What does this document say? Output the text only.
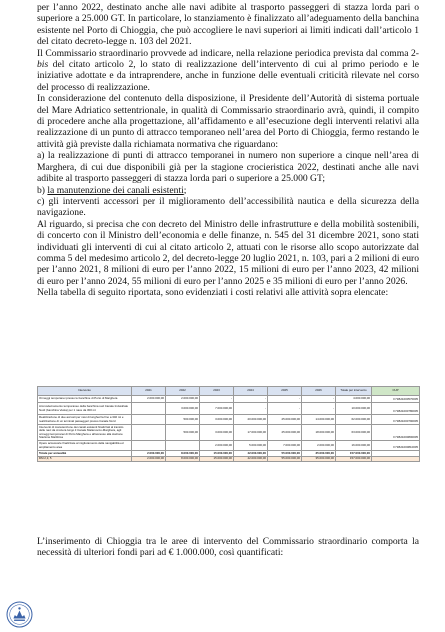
per l’anno 2022, destinato anche alle navi adibite al trasporto passeggeri di stazza lorda pari o superiore a 25.000 GT. In particolare, lo stanziamento è finalizzato all’adeguamento della banchina esistente nel Porto di Chioggia, che può accogliere le navi superiori ai limiti indicati dall’articolo 1 del citato decreto-legge n. 103 del 2021.

Il Commissario straordinario provvede ad indicare, nella relazione periodica prevista dal comma 2-bis del citato articolo 2, lo stato di realizzazione dell’intervento di cui al primo periodo e le iniziative adottate e da intraprendere, anche in funzione delle eventuali criticità rilevate nel corso del processo di realizzazione.

In considerazione del contenuto della disposizione, il Presidente dell’Autorità di sistema portuale del Mare Adriatico settentrionale, in qualità di Commissario straordinario avrà, quindi, il compito di procedere anche alla progettazione, all’affidamento e all’esecuzione degli interventi relativi alla realizzazione di un punto di attracco temporaneo nell’area del Porto di Chioggia, fermo restando le attività già previste dalla richiamata normativa che riguardano:

a) la realizzazione di punti di attracco temporanei in numero non superiore a cinque nell’area di Marghera, di cui due disponibili già per la stagione crocieristica 2022, destinati anche alle navi adibite al trasporto passeggeri di stazza lorda pari o superiore a 25.000 GT;

b) la manutenzione dei canali esistenti;

c) gli interventi accessori per il miglioramento dell’accessibilità nautica e della sicurezza della navigazione.

Al riguardo, si precisa che con decreto del Ministro delle infrastrutture e della mobilità sostenibili, di concerto con il Ministro dell’economia e delle finanze, n. 545 del 31 dicembre 2021, sono stati individuati gli interventi di cui al citato articolo 2, attuati con le risorse allo scopo autorizzate dal comma 5 del medesimo articolo 2, del decreto-legge 20 luglio 2021, n. 103, pari a 2 milioni di euro per l’anno 2021, 8 milioni di euro per l’anno 2022, 15 milioni di euro per l’anno 2023, 42 milioni di euro per l’anno 2024, 55 milioni di euro per l’anno 2025 e 35 milioni di euro per l’anno 2026.

Nella tabella di seguito riportata, sono evidenziati i costi relativi alle attività sopra elencate:

Intervento	2021	2022	2023	2024	2025	2026	Totale per intervento	CUP
Ormeggi temporanei presso le banchine di Porto di Marghera	2.000.000,00	2.000.000,00	-	-	-	-	4.000.000,00	F71B21000570005
Ammodernamento temporaneo della banchina sud Canale Industriale Nord (banchina Vesta) per 1 nave da 300 mt		3.000.000,00	7.000.000,00	-	-	-	10.000.000,00	F71B21000780005
Realizzazione di due accosti per navi di lunghezza fino a 340 mt e realizzazione di un terminal passeggeri presso Canale Nord		500.000,00	3.000.000,00	20.000.000,00	25.000.000,00	14.000.000,00	62.000.000,00	F71B21000790005
Interventi di manutenzione dei canali esistenti finalizzati al transito delle navi da crociera lungo il Canale Malamocco-Marghera, agli ormeggi temporanei di Porto Marghera e all'accesso alla stazione Stazione Marittima		500.000,00	3.000.000,00	17.000.000,00	25.000.000,00	18.000.000,00	63.000.000,00	F71B21000800005
Opere accessorie finalizzate al miglioramento della navigabilità ed ampliamento area			2.000.000,00	5.000.000,00	7.000.000,00	2.000.000,00	16.000.000,00	F71B21000810005
Totale per annualità	2.000.000,00	8.000.000,00	15.000.000,00	42.000.000,00	55.000.000,00	35.000.000,00	157.000.000,00	
DM 2,3, 5	2.000.000,00	8.000.000,00	15.000.000,00	42.000.000,00	55.000.000,00	35.000.000,00	157.000.000,00	

L’inserimento di Chioggia tra le aree di intervento del Commissario straordinario comporta la necessità di ulteriori fondi pari ad € 1.000.000, così quantificati:
